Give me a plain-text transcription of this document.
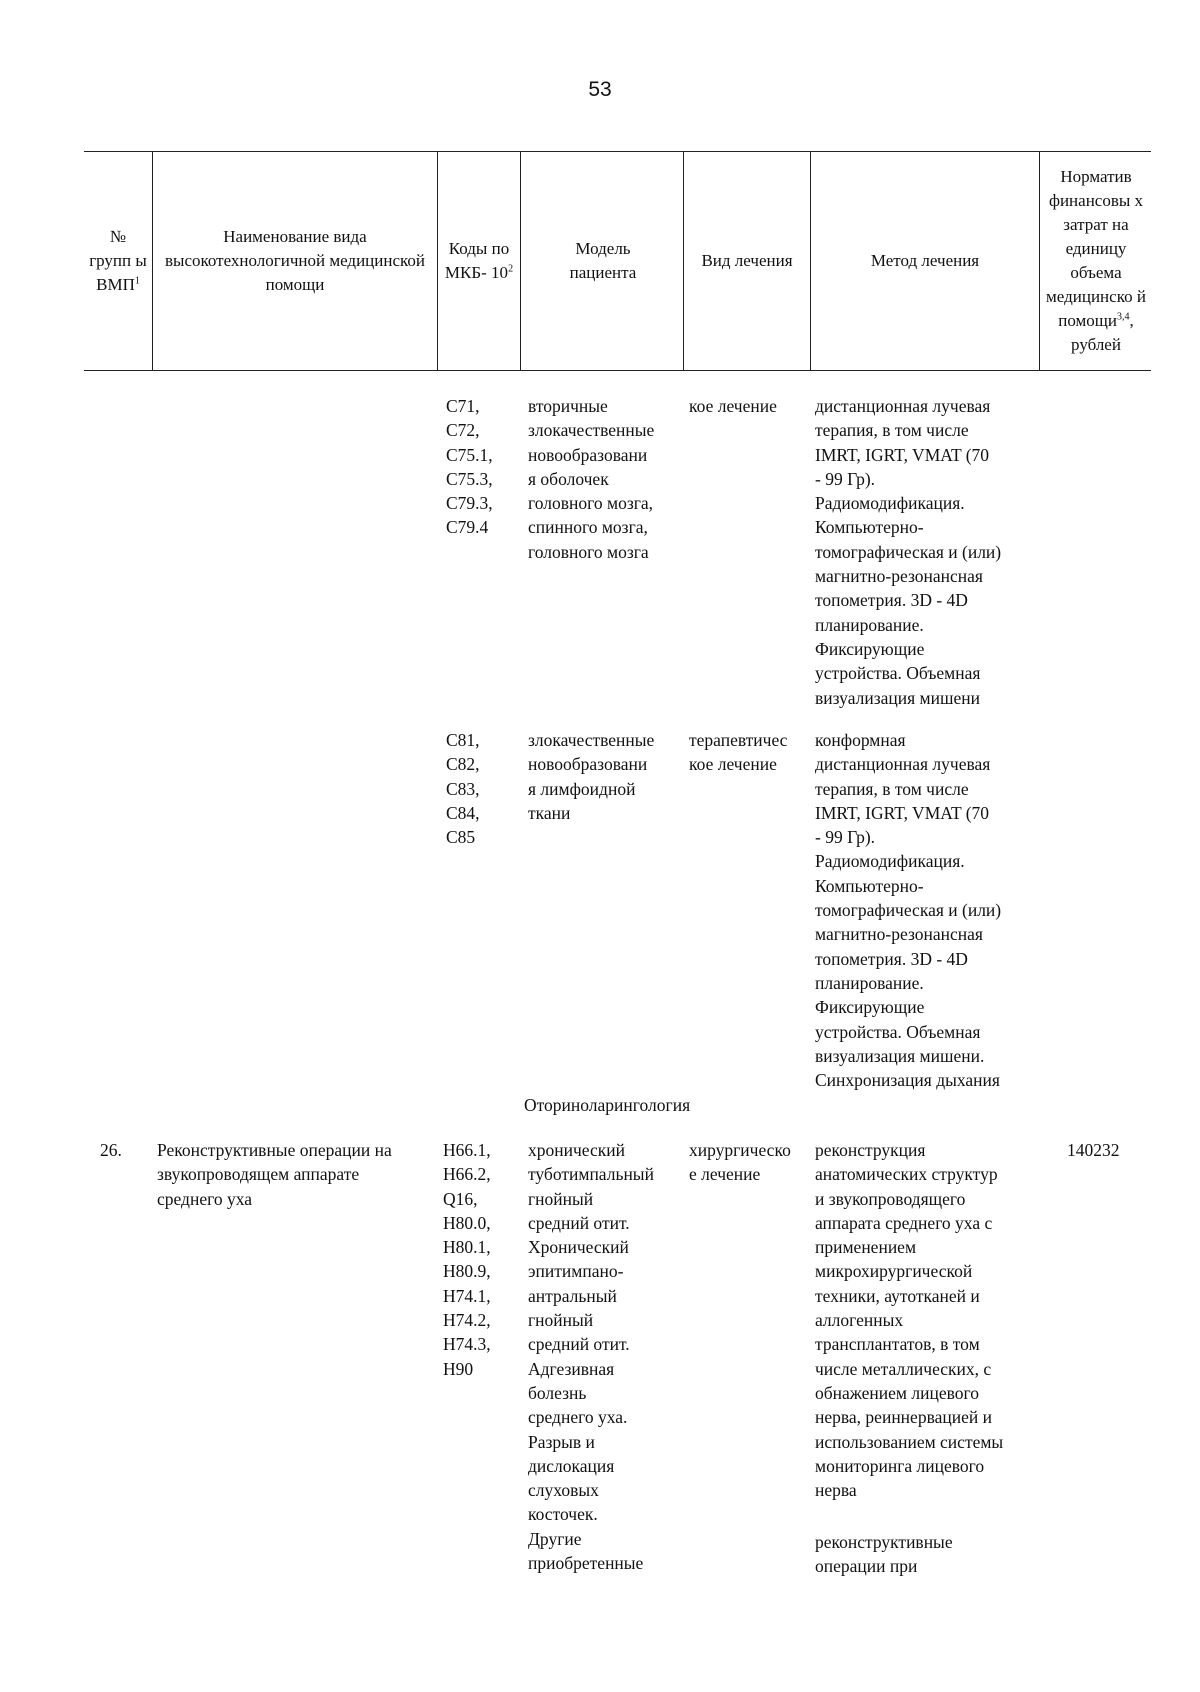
53
№ групп ы ВМП$^1$
Наименование вида высокотехнологичной медицинской помощи
Коды по МКБ- $10^2$
Модель пациента
Вид лечения	Метод лечения
Норматив финансовы х затрат на единицу объема медицинско й помощи$^{3,4}$, рублей
C71,
C72,
C75.1,
C75.3,
C79.3,
C79.4
вторичные
злокачественные
новообразовани
я оболочек
головного мозга,
спинного мозга,
головного мозга
кое лечение дистанционная лучевая
терапия, в том числе
IMRT, IGRT, VMAT (70
- 99 Гр).
Радиомодификация.
Компьютерно-
томографическая и (или)
магнитно-резонансная
топометрия. 3D - 4D
планирование.
Фиксирующие
устройства. Объемная
визуализация мишени
C81,
C82,
C83,
C84,
C85
злокачественные
новообразовани
я лимфоидной
ткани
терапевтичес
кое лечение
конформная
дистанционная лучевая
терапия, в том числе
IMRT, IGRT, VMAT (70
- 99 Гр).
Радиомодификация.
Компьютерно-
томографическая и (или)
магнитно-резонансная
топометрия. 3D - 4D
планирование.
Фиксирующие
устройства. Объемная
визуализация мишени.
Синхронизация дыхания
Оториноларингология
26. Реконструктивные операции на
звукопроводящем аппарате
среднего уха
H66.1,
H66.2,
Q16,
H80.0,
H80.1,
H80.9,
H74.1,
H74.2,
H74.3,
H90
хронический
туботимпальный
гнойный
средний отит.
Хронический
эпитимпано-
антральный
гнойный
средний отит.
Адгезивная
болезнь
среднего уха.
Разрыв и
дислокация
слуховых
косточек.
Другие
приобретенные
хирургическо
е лечение
реконструкция
анатомических структур
и звукопроводящего
аппарата среднего уха с
применением
микрохирургической
техники, аутотканей и
аллогенных
трансплантатов, в том
числе металлических, с
обнажением лицевого
нерва, реиннервацией и
использованием системы
мониторинга лицевого
нерва
реконструктивные
операции при
140232
